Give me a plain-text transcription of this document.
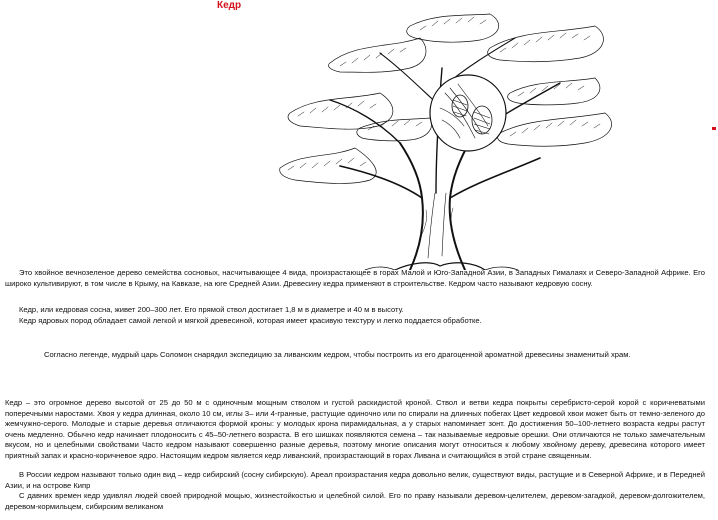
Кедр

Это хвойное вечнозеленое дерево семейства сосновых, насчитывающее 4 вида, произрастающее в горах Малой и Юго-Западной Азии, в Западных Гималаях и Северо-Западной Африке. Его широко культивируют, в том числе в Крыму, на Кавказе, на юге Средней Азии. Древесину кедра применяют в строительстве. Кедром часто называют кедровую сосну.

Кедр, или кедровая сосна, живет 200–300 лет. Его прямой ствол достигает 1,8 м в диаметре и 40 м в высоту.

Кедр ядровых пород обладает самой легкой и мягкой древесиной, которая имеет красивую текстуру и легко поддается обработке.

Согласно легенде, мудрый царь Соломон снарядил экспедицию за ливанским кедром, чтобы построить из его драгоценной ароматной древесины знаменитый храм.

Кедр – это огромное дерево высотой от 25 до 50 м с одиночным мощным стволом и густой раскидистой кроной. Ствол и ветви кедра покрыты серебристо-серой корой с коричневатыми поперечными наростами. Хвоя у кедра длинная, около 10 см, иглы 3– или 4-гранные, растущие одиночно или по спирали на длинных побегах Цвет кедровой хвои может быть от темно-зеленого до жемчужно-серого. Молодые и старые деревья отличаются формой кроны: у молодых крона пирамидальная, а у старых напоминает зонт. До достижения 50–100-летнего возраста кедры растут очень медленно. Обычно кедр начинает плодоносить с 45–50-летнего возраста. В его шишках появляются семена – так называемые кедровые орешки. Они отличаются не только замечательным вкусом, но и целебными свойствами Часто кедром называют совершенно разные деревья, поэтому многие описания могут относиться к любому хвойному дереву, древесина которого имеет приятный запах и красно-коричневое ядро. Настоящим кедром является кедр ливанский, произрастающий в горах Ливана и считающийся в этой стране священным.

В России кедром называют только один вид – кедр сибирский (сосну сибирскую). Ареал произрастания кедра довольно велик, существуют виды, растущие и в Северной Африке, и в Передней Азии, и на острове Кипр

С давних времен кедр удивлял людей своей природной мощью, жизнестойкостью и целебной силой. Его по праву называли деревом-целителем, деревом-загадкой, деревом-долгожителем, деревом-кормильцем, сибирским великаном
